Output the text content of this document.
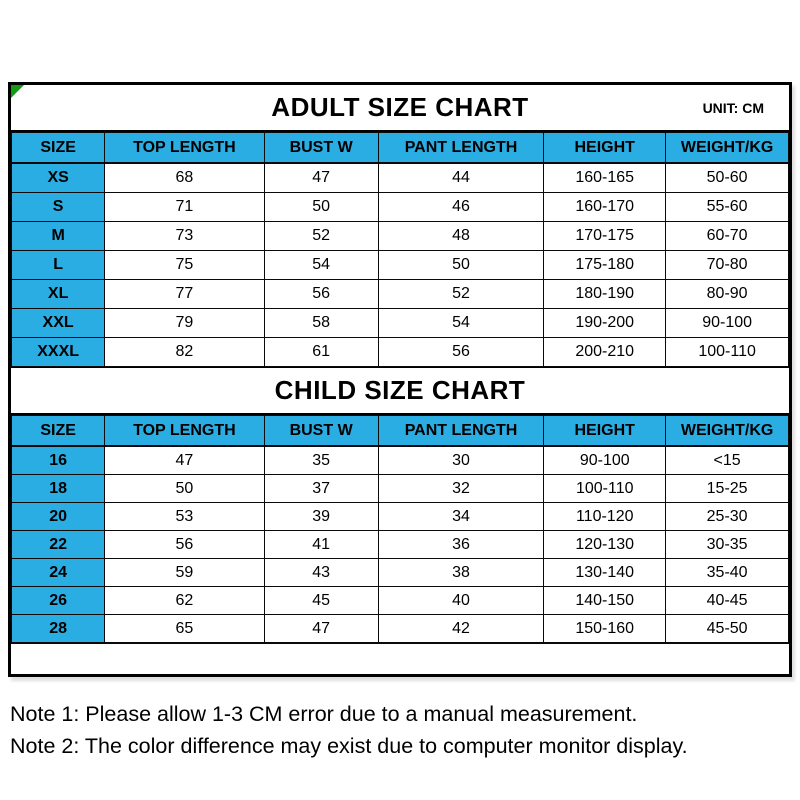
ADULT SIZE CHART	UNIT: CM
SIZE	TOP LENGTH	BUST W	PANT LENGTH	HEIGHT	WEIGHT/KG
XS	68	47	44	160-165	50-60
S	71	50	46	160-170	55-60
M	73	52	48	170-175	60-70
L	75	54	50	175-180	70-80
XL	77	56	52	180-190	80-90
XXL	79	58	54	190-200	90-100
XXXL	82	61	56	200-210	100-110
CHILD SIZE CHART
SIZE	TOP LENGTH	BUST W	PANT LENGTH	HEIGHT	WEIGHT/KG
16	47	35	30	90-100	<15
18	50	37	32	100-110	15-25
20	53	39	34	110-120	25-30
22	56	41	36	120-130	30-35
24	59	43	38	130-140	35-40
26	62	45	40	140-150	40-45
28	65	47	42	150-160	45-50

Note 1: Please allow 1-3 CM error due to a manual measurement.

Note 2: The color difference may exist due to computer monitor display.
